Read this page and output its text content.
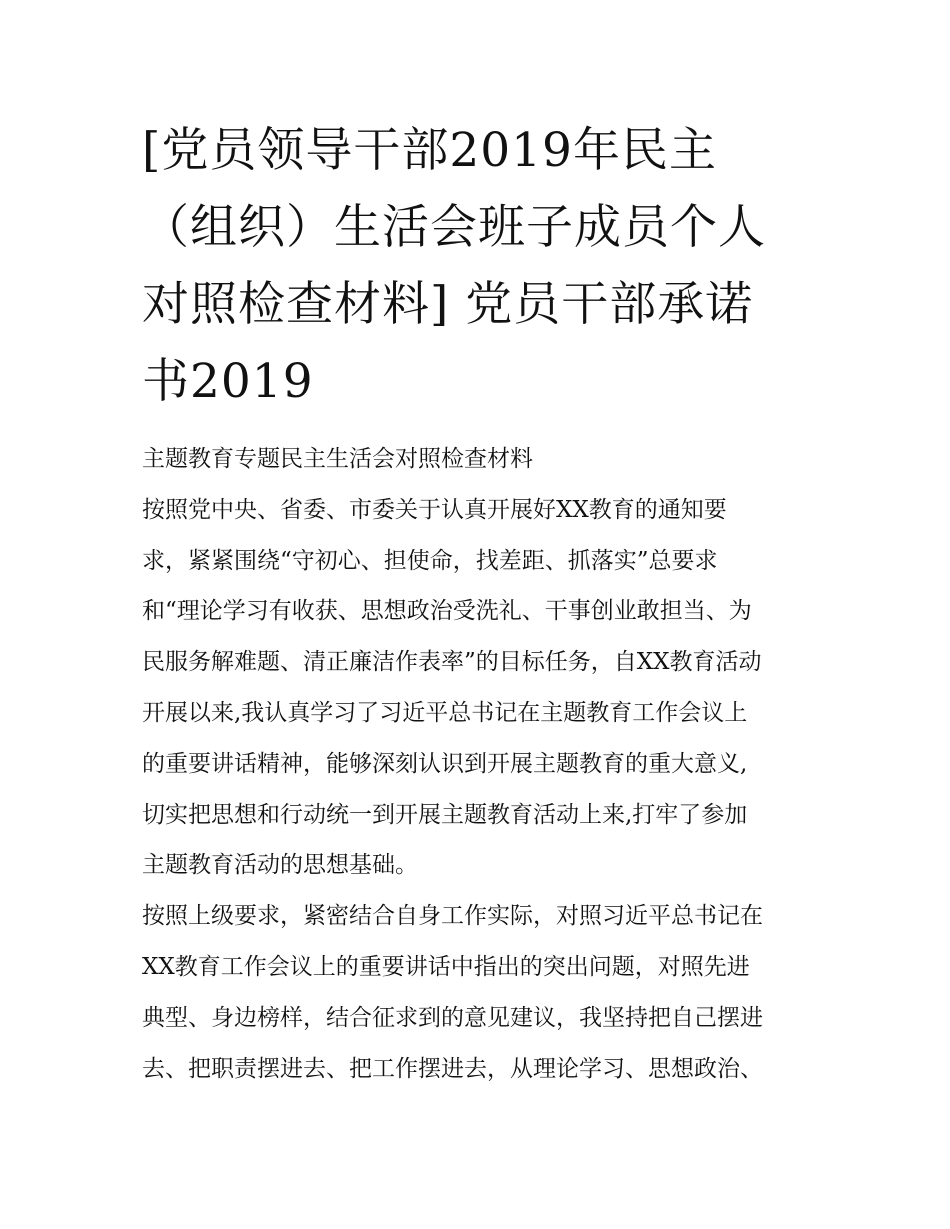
[党员领导干部2019年民主
（组织）生活会班子成员个人
对照检查材料] 党员干部承诺
书2019
主题教育专题民主生活会对照检查材料
按照党中央、省委、市委关于认真开展好XX教育的通知要
求，紧紧围绕“守初心、担使命，找差距、抓落实”总要求
和“理论学习有收获、思想政治受洗礼、干事创业敢担当、为
民服务解难题、清正廉洁作表率”的目标任务，自XX教育活动
开展以来,我认真学习了习近平总书记在主题教育工作会议上
的重要讲话精神，能够深刻认识到开展主题教育的重大意义,
切实把思想和行动统一到开展主题教育活动上来,打牢了参加
主题教育活动的思想基础。
按照上级要求，紧密结合自身工作实际，对照习近平总书记在
XX教育工作会议上的重要讲话中指出的突出问题，对照先进
典型、身边榜样，结合征求到的意见建议，我坚持把自己摆进
去、把职责摆进去、把工作摆进去，从理论学习、思想政治、
